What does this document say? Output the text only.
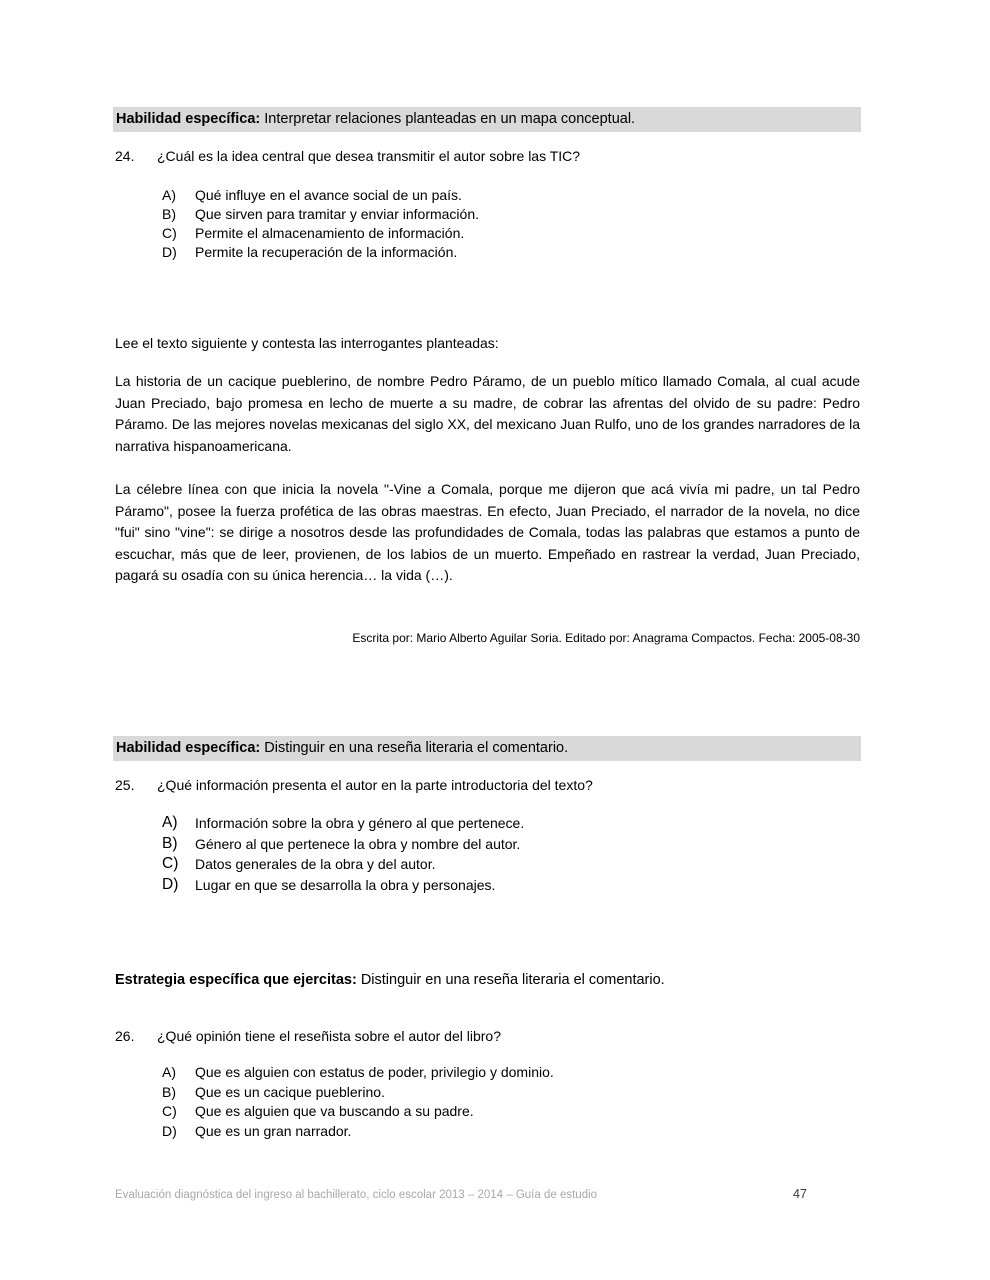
Habilidad específica: Interpretar relaciones planteadas en un mapa conceptual.
24.	¿Cuál es la idea central que desea transmitir el autor sobre las TIC?
A)	Qué influye en el avance social de un país.
B)	Que sirven para tramitar y enviar información.
C)	Permite el almacenamiento de información.
D)	Permite la recuperación de la información.
Lee el texto siguiente y contesta las interrogantes planteadas:
La historia de un cacique pueblerino, de nombre Pedro Páramo, de un pueblo mítico llamado Comala, al cual acude Juan Preciado, bajo promesa en lecho de muerte a su madre, de cobrar las afrentas del olvido de su padre: Pedro Páramo. De las mejores novelas mexicanas del siglo XX, del mexicano Juan Rulfo, uno de los grandes narradores de la narrativa hispanoamericana.
La célebre línea con que inicia la novela "-Vine a Comala, porque me dijeron que acá vivía mi padre, un tal Pedro Páramo", posee la fuerza profética de las obras maestras. En efecto, Juan Preciado, el narrador de la novela, no dice "fui" sino "vine": se dirige a nosotros desde las profundidades de Comala, todas las palabras que estamos a punto de escuchar, más que de leer, provienen, de los labios de un muerto. Empeñado en rastrear la verdad, Juan Preciado, pagará su osadía con su única herencia… la vida (…).
Escrita por: Mario Alberto Aguilar Soria. Editado por: Anagrama Compactos. Fecha: 2005-08-30
Habilidad específica: Distinguir en una reseña literaria el comentario.
25.	¿Qué información presenta el autor en la parte introductoria del texto?
A)	Información sobre la obra y género al que pertenece.
B)	Género al que pertenece la obra y nombre del autor.
C)	Datos generales de la obra y del autor.
D)	Lugar en que se desarrolla la obra y personajes.
Estrategia específica que ejercitas: Distinguir en una reseña literaria el comentario.
26.	¿Qué opinión tiene el reseñista sobre el autor del libro?
A)	Que es alguien con estatus de poder, privilegio y dominio.
B)	Que es un cacique pueblerino.
C)	Que es alguien que va buscando a su padre.
D)	Que es un gran narrador.
Evaluación diagnóstica del ingreso al bachillerato, ciclo escolar 2013 – 2014 – Guía de estudio	47
